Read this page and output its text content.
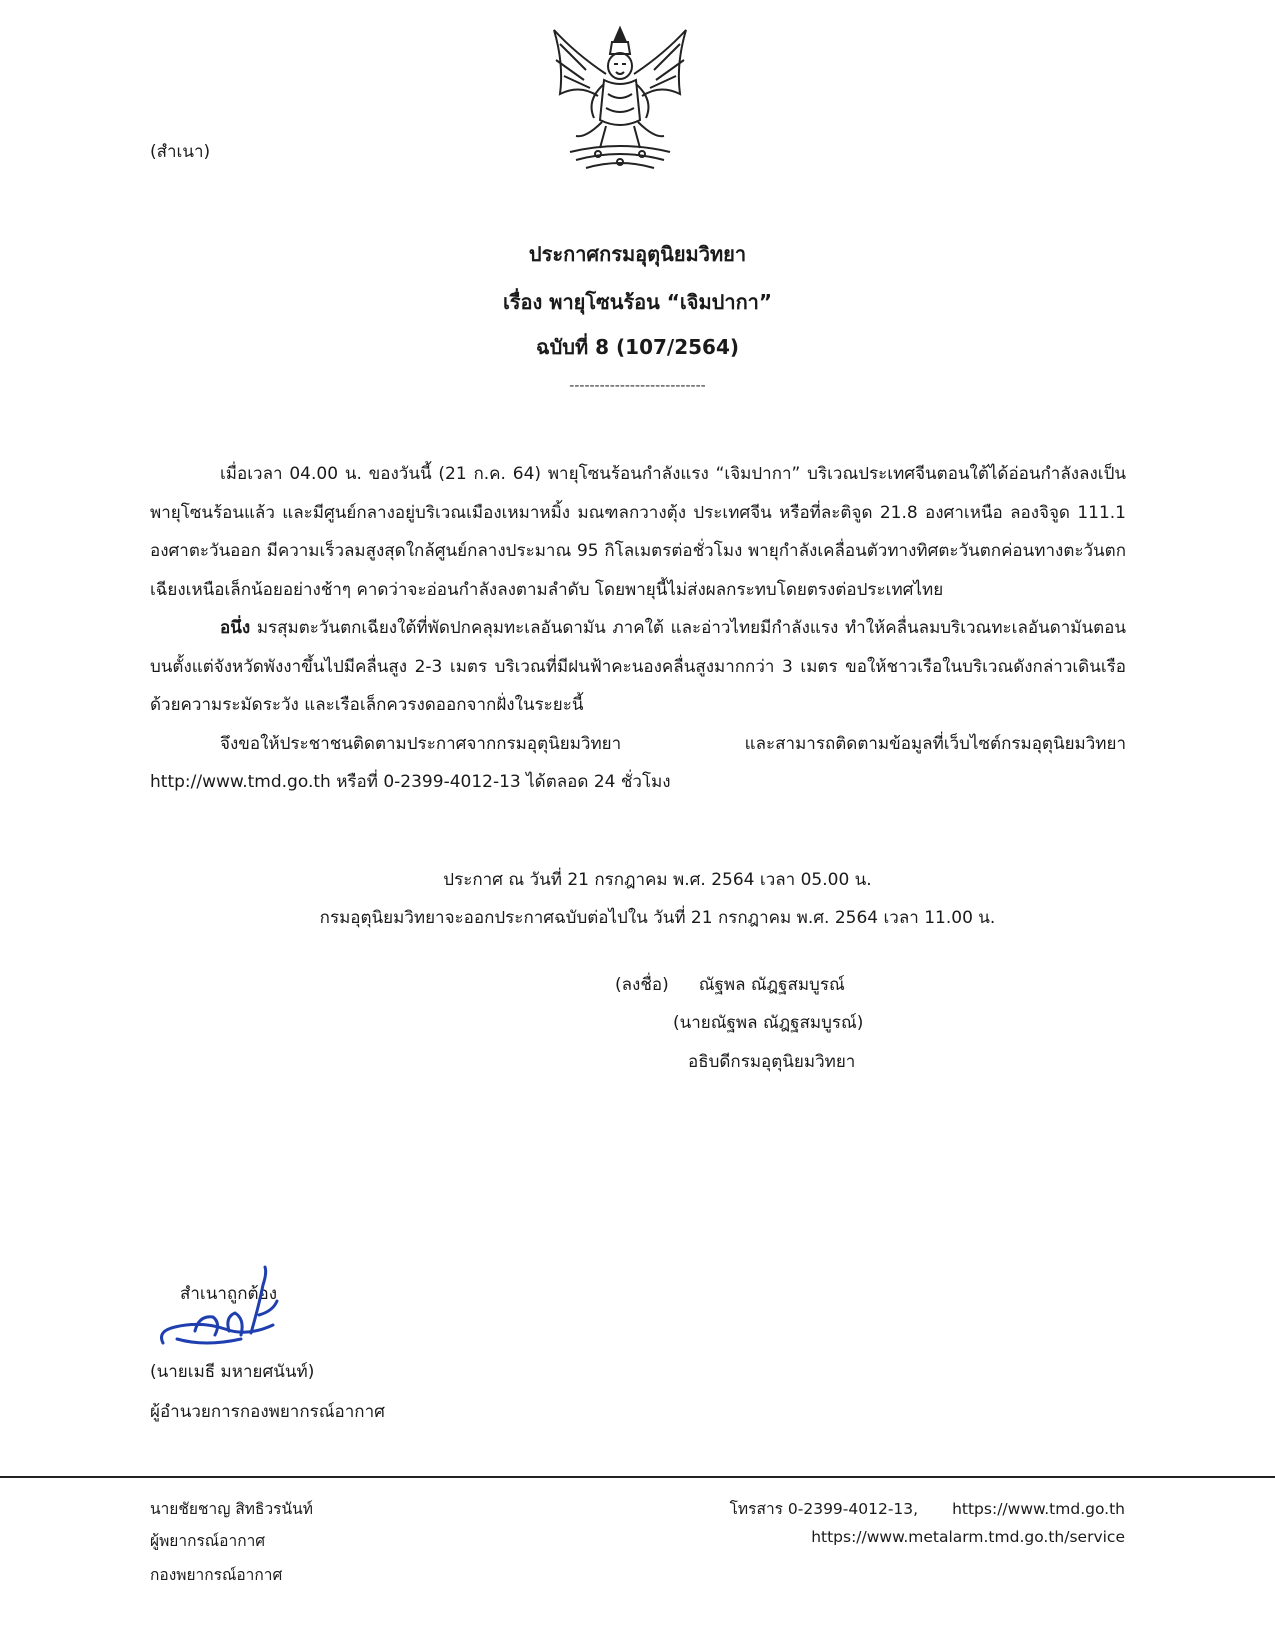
(สำเนา)
ประกาศกรมอุตุนิยมวิทยา
เรื่อง พายุโซนร้อน “เจิมปากา”
ฉบับที่ 8 (107/2564)
---------------------------

เมื่อเวลา 04.00 น. ของวันนี้ (21 ก.ค. 64) พายุโซนร้อนกำลังแรง “เจิมปากา” บริเวณประเทศจีนตอนใต้ได้อ่อนกำลังลงเป็นพายุโซนร้อนแล้ว และมีศูนย์กลางอยู่บริเวณเมืองเหมาหมิ้ง มณฑลกวางตุ้ง ประเทศจีน หรือที่ละติจูด 21.8 องศาเหนือ ลองจิจูด 111.1 องศาตะวันออก มีความเร็วลมสูงสุดใกล้ศูนย์กลางประมาณ 95 กิโลเมตรต่อชั่วโมง พายุกำลังเคลื่อนตัวทางทิศตะวันตกค่อนทางตะวันตกเฉียงเหนือเล็กน้อยอย่างช้าๆ คาดว่าจะอ่อนกำลังลงตามลำดับ โดยพายุนี้ไม่ส่งผลกระทบโดยตรงต่อประเทศไทย

อนึ่ง มรสุมตะวันตกเฉียงใต้ที่พัดปกคลุมทะเลอันดามัน ภาคใต้ และอ่าวไทยมีกำลังแรง ทำให้คลื่นลมบริเวณทะเลอันดามันตอนบนตั้งแต่จังหวัดพังงาขึ้นไปมีคลื่นสูง 2-3 เมตร บริเวณที่มีฝนฟ้าคะนองคลื่นสูงมากกว่า 3 เมตร ขอให้ชาวเรือในบริเวณดังกล่าวเดินเรือด้วยความระมัดระวัง และเรือเล็กควรงดออกจากฝั่งในระยะนี้

จึงขอให้ประชาชนติดตามประกาศจากกรมอุตุนิยมวิทยา และสามารถติดตามข้อมูลที่เว็บไซต์กรมอุตุนิยมวิทยา http://www.tmd.go.th หรือที่ 0-2399-4012-13 ได้ตลอด 24 ชั่วโมง

ประกาศ ณ วันที่ 21 กรกฎาคม พ.ศ. 2564 เวลา 05.00 น.
กรมอุตุนิยมวิทยาจะออกประกาศฉบับต่อไปใน วันที่ 21 กรกฎาคม พ.ศ. 2564 เวลา 11.00 น.
(ลงชื่อ) ณัฐพล ณัฎฐสมบูรณ์
(นายณัฐพล ณัฎฐสมบูรณ์)
อธิบดีกรมอุตุนิยมวิทยา
สำเนาถูกต้อง
(นายเมธี มหายศนันท์)
ผู้อำนวยการกองพยากรณ์อากาศ
นายชัยชาญ สิทธิวรนันท์
ผู้พยากรณ์อากาศ
กองพยากรณ์อากาศ
โทรสาร 0-2399-4012-13, https://www.tmd.go.th
https://www.metalarm.tmd.go.th/service
